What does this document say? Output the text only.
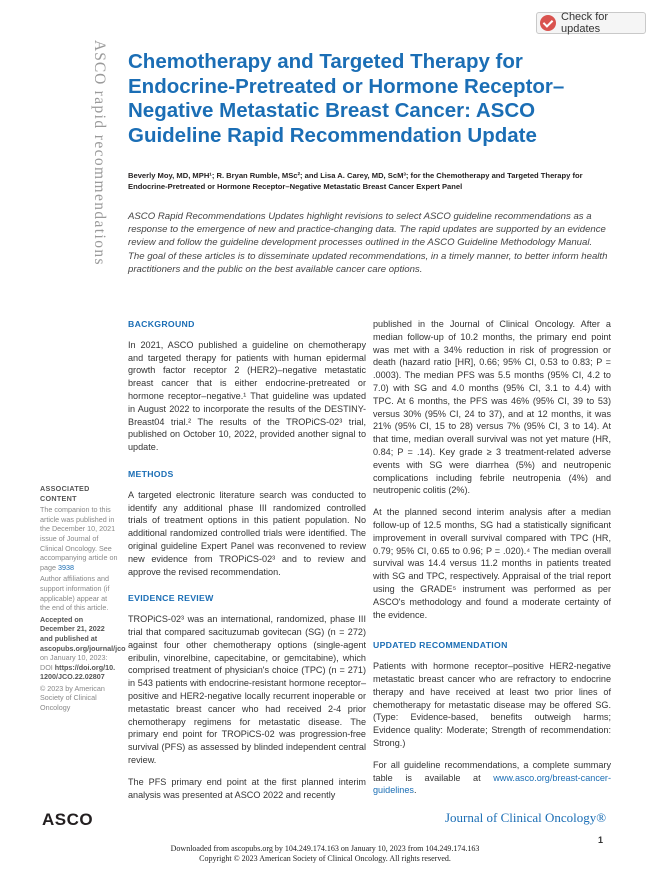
Check for updates
ASCO rapid recommendations
Chemotherapy and Targeted Therapy for Endocrine-Pretreated or Hormone Receptor–Negative Metastatic Breast Cancer: ASCO Guideline Rapid Recommendation Update
Beverly Moy, MD, MPH¹; R. Bryan Rumble, MSc²; and Lisa A. Carey, MD, ScM³; for the Chemotherapy and Targeted Therapy for Endocrine-Pretreated or Hormone Receptor–Negative Metastatic Breast Cancer Expert Panel
ASCO Rapid Recommendations Updates highlight revisions to select ASCO guideline recommendations as a response to the emergence of new and practice-changing data. The rapid updates are supported by an evidence review and follow the guideline development processes outlined in the ASCO Guideline Methodology Manual. The goal of these articles is to disseminate updated recommendations, in a timely manner, to better inform health practitioners and the public on the best available cancer care options.
BACKGROUND

In 2021, ASCO published a guideline on chemotherapy and targeted therapy for patients with human epidermal growth factor receptor 2 (HER2)–negative metastatic breast cancer that is either endocrine-pretreated or hormone receptor–negative.¹ That guideline was updated in August 2022 to incorporate the results of the DESTINY-Breast04 trial.² The results of the TROPiCS-02³ trial, published on October 10, 2022, provided another signal to update.

METHODS

A targeted electronic literature search was conducted to identify any additional phase III randomized controlled trials of treatment options in this patient population. No additional randomized controlled trials were identified. The original guideline Expert Panel was reconvened to review new evidence from TROPiCS-02³ and to review and approve the revised recommendation.

EVIDENCE REVIEW

TROPiCS-02³ was an international, randomized, phase III trial that compared sacituzumab govitecan (SG) (n = 272) against four other chemotherapy options (single-agent eribulin, vinorelbine, capecitabine, or gemcitabine), which comprised treatment of physician's choice (TPC) (n = 271) in 543 patients with endocrine-resistant hormone receptor–positive and HER2-negative locally recurrent inoperable or metastatic breast cancer who had received 2-4 prior chemotherapy regimens for metastatic disease. The primary end point for TROPiCS-02 was progression-free survival (PFS) as assessed by blinded independent central review.

The PFS primary end point at the first planned interim analysis was presented at ASCO 2022 and recently

published in the Journal of Clinical Oncology. After a median follow-up of 10.2 months, the primary end point was met with a 34% reduction in risk of progression or death (hazard ratio [HR], 0.66; 95% CI, 0.53 to 0.83; P = .0003). The median PFS was 5.5 months (95% CI, 4.2 to 7.0) with SG and 4.0 months (95% CI, 3.1 to 4.4) with TPC. At 6 months, the PFS was 46% (95% CI, 39 to 53) versus 30% (95% CI, 24 to 37), and at 12 months, it was 21% (95% CI, 15 to 28) versus 7% (95% CI, 3 to 14). At that time, median overall survival was not yet mature (HR, 0.84; P = .14). Key grade ≥ 3 treatment-related adverse events with SG were diarrhea (5%) and neutropenic complications including febrile neutropenia (4%) and neutropenic colitis (2%).

At the planned second interim analysis after a median follow-up of 12.5 months, SG had a statistically significant improvement in overall survival compared with TPC (HR, 0.79; 95% CI, 0.65 to 0.96; P = .020).⁴ The median overall survival was 14.4 versus 11.2 months in patients treated with SG and TPC, respectively. Appraisal of the trial report using the GRADE⁵ instrument was performed as per ASCO's methodology and found a moderate certainty of the evidence.

UPDATED RECOMMENDATION

Patients with hormone receptor–positive HER2-negative metastatic breast cancer who are refractory to endocrine therapy and have received at least two prior lines of chemotherapy for metastatic disease may be offered SG. (Type: Evidence-based, benefits outweigh harms; Evidence quality: Moderate; Strength of recommendation: Strong.)

For all guideline recommendations, a complete summary table is available at www.asco.org/breast-cancer-guidelines.

ASSOCIATED CONTENT

The companion to this article was published in the December 10, 2021 issue of Journal of Clinical Oncology. See accompanying article on page 3938

Author affiliations and support information (if applicable) appear at the end of this article.

Accepted on December 21, 2022 and published at ascopubs.org/journal/jco on January 10, 2023: DOI https://doi.org/10.1200/JCO.22.02807

© 2023 by American Society of Clinical Oncology

ASCO	Journal of Clinical Oncology®
1
Downloaded from ascopubs.org by 104.249.174.163 on January 10, 2023 from 104.249.174.163
Copyright © 2023 American Society of Clinical Oncology. All rights reserved.
